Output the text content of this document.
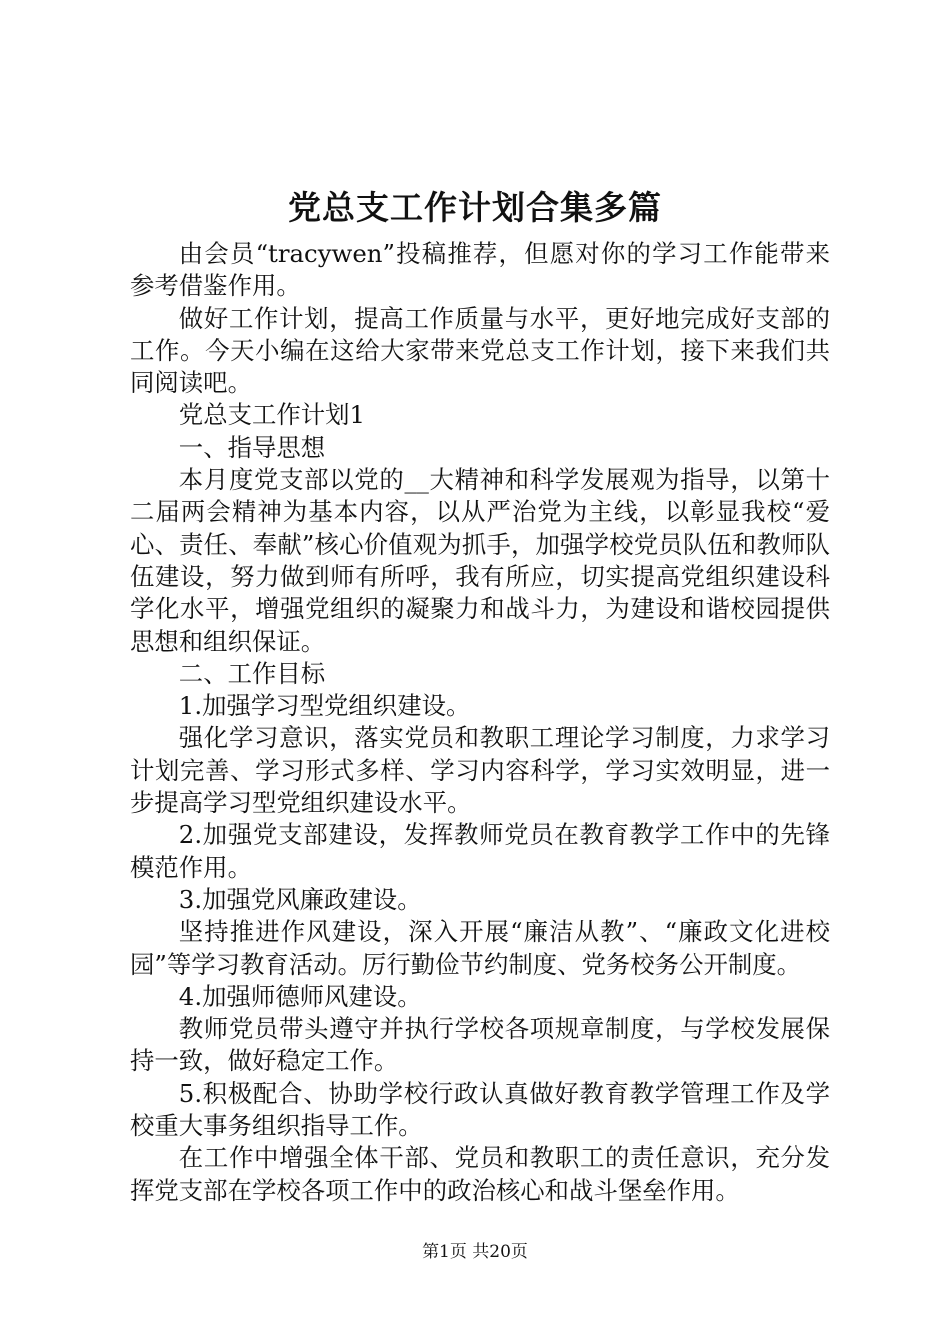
党总支工作计划合集多篇

由会员“tracywen”投稿推荐，但愿对你的学习工作能带来参考借鉴作用。

做好工作计划，提高工作质量与水平，更好地完成好支部的工作。今天小编在这给大家带来党总支工作计划，接下来我们共同阅读吧。

党总支工作计划1

一、指导思想

本月度党支部以党的__大精神和科学发展观为指导，以第十二届两会精神为基本内容，以从严治党为主线，以彰显我校“爱心、责任、奉献”核心价值观为抓手，加强学校党员队伍和教师队伍建设，努力做到师有所呼，我有所应，切实提高党组织建设科学化水平，增强党组织的凝聚力和战斗力，为建设和谐校园提供思想和组织保证。

二、工作目标

1.加强学习型党组织建设。

强化学习意识，落实党员和教职工理论学习制度，力求学习计划完善、学习形式多样、学习内容科学，学习实效明显，进一步提高学习型党组织建设水平。

2.加强党支部建设，发挥教师党员在教育教学工作中的先锋模范作用。

3.加强党风廉政建设。

坚持推进作风建设，深入开展“廉洁从教”、“廉政文化进校园”等学习教育活动。厉行勤俭节约制度、党务校务公开制度。

4.加强师德师风建设。

教师党员带头遵守并执行学校各项规章制度，与学校发展保持一致，做好稳定工作。

5.积极配合、协助学校行政认真做好教育教学管理工作及学校重大事务组织指导工作。

在工作中增强全体干部、党员和教职工的责任意识，充分发挥党支部在学校各项工作中的政治核心和战斗堡垒作用。

第1页 共20页
